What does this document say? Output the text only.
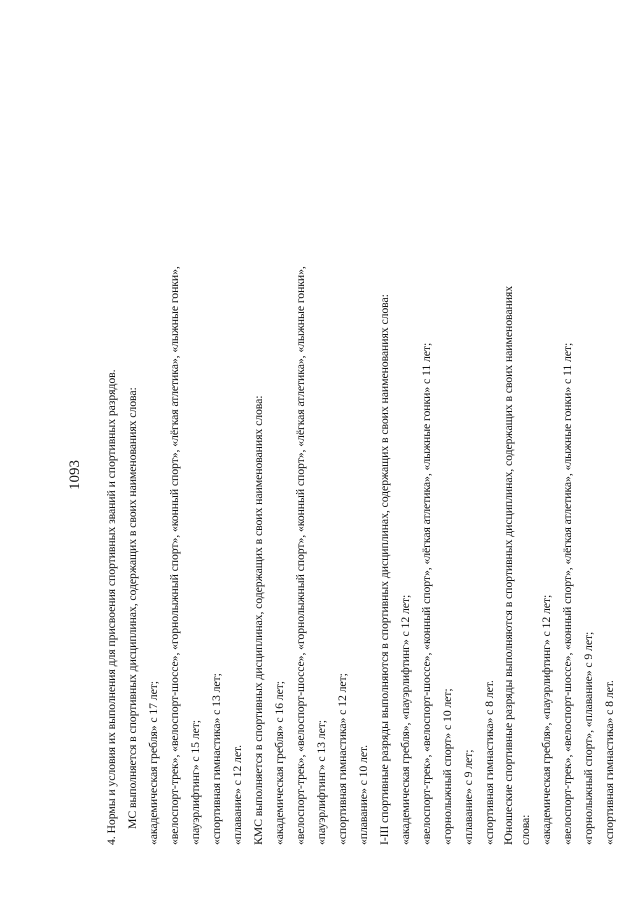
1093 4. Нормы и условия их выполнения для присвоения спортивных званий и спортивных разрядов. МС выполняется в спортивных дисциплинах, содержащих в своих наименованиях слова: «академическая гребля» с 17 лет; «велоспорт-трек», «велоспорт-шоссе», «горнолыжный спорт», «конный спорт», «лёгкая атлетика», «лыжные гонки», «пауэрлифтинг» с 15 лет; «спортивная гимнастика» с 13 лет; «плавание» с 12 лет. КМС выполняется в спортивных дисциплинах, содержащих в своих наименованиях слова: «академическая гребля» с 16 лет; «велоспорт-трек», «велоспорт-шоссе», «горнолыжный спорт», «конный спорт», «лёгкая атлетика», «лыжные гонки», «пауэрлифтинг» с 13 лет; «спортивная гимнастика» с 12 лет; «плавание» с 10 лет. I-III спортивные разряды выполняются в спортивных дисциплинах, содержащих в своих наименованиях слова: «академическая гребля», «пауэрлифтинг» с 12 лет; «велоспорт-трек», «велоспорт-шоссе», «конный спорт», «лёгкая атлетика», «лыжные гонки» с 11 лет; «горнолыжный спорт» с 10 лет; «плавание» с 9 лет; «спортивная гимнастика» с 8 лет. Юношеские спортивные разряды выполняются в спортивных дисциплинах, содержащих в своих наименованиях слова: «академическая гребля», «пауэрлифтинг» с 12 лет; «велоспорт-трек», «велоспорт-шоссе», «конный спорт», «лёгкая атлетика», «лыжные гонки» с 11 лет; «горнолыжный спорт», «плавание» с 9 лет; «спортивная гимнастика» с 8 лет.
